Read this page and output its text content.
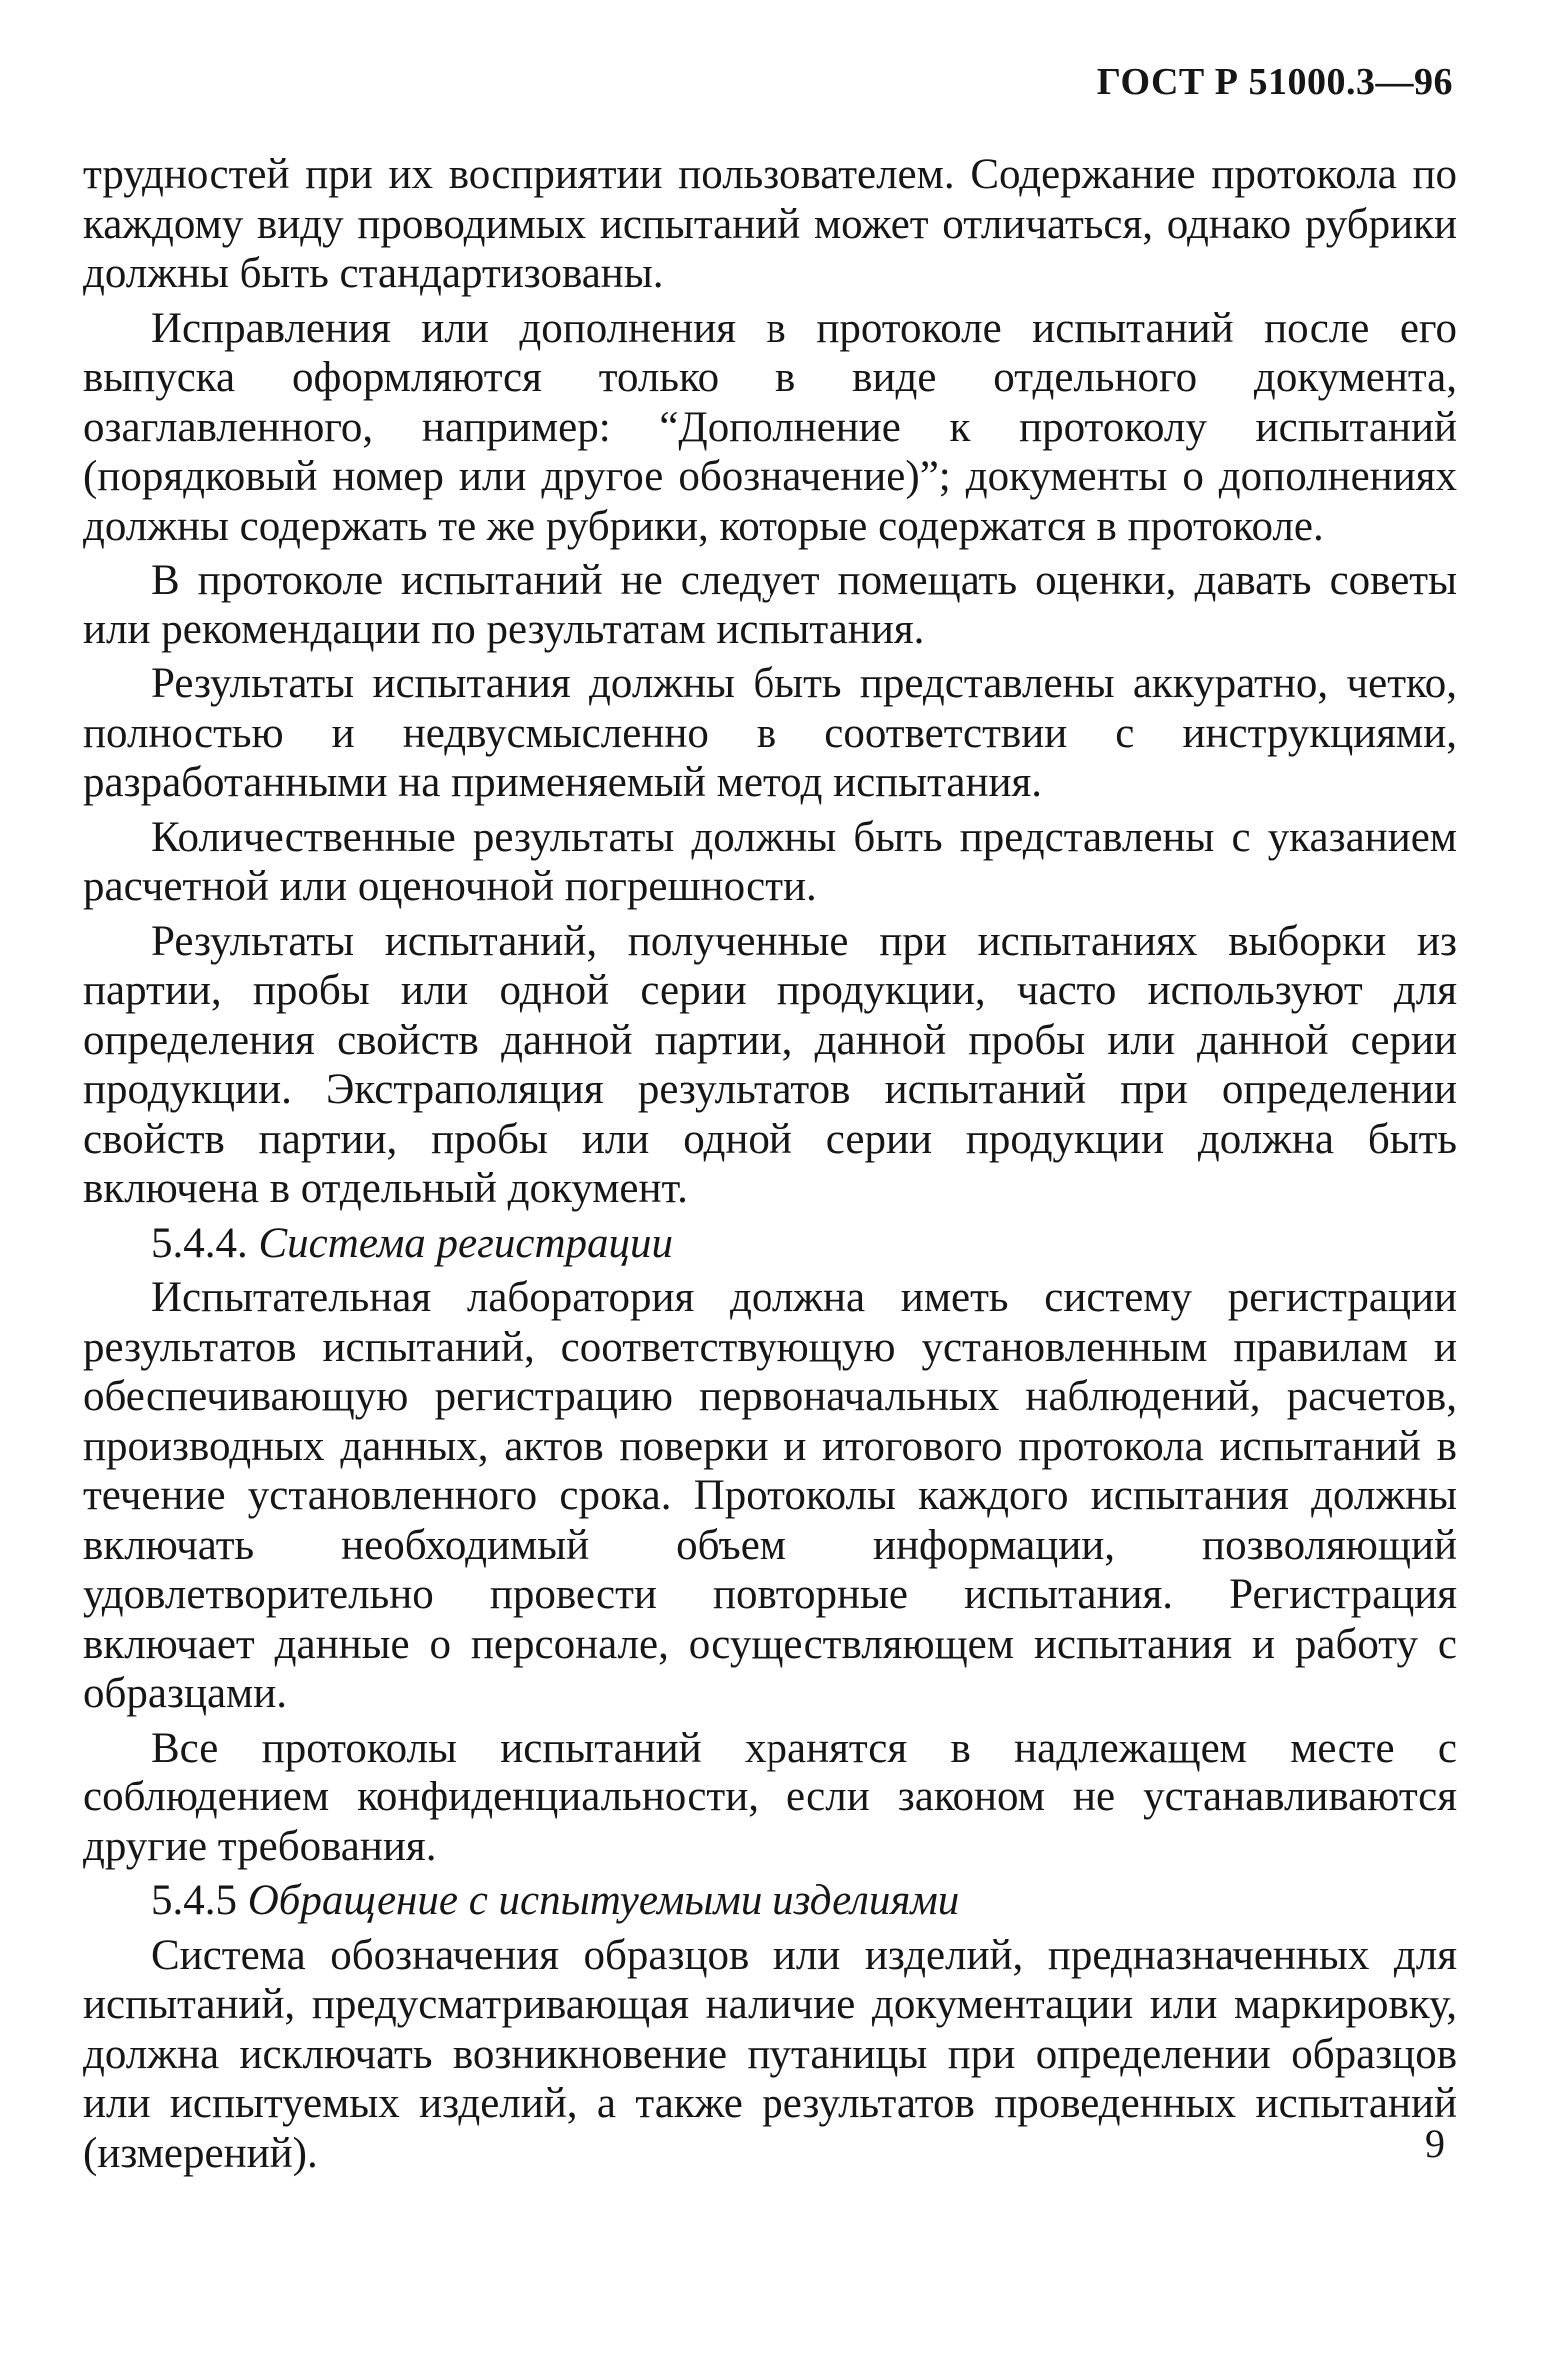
ГОСТ Р 51000.3—96

трудностей при их восприятии пользователем. Содержание протокола по каждому виду проводимых испытаний может отличаться, однако рубрики должны быть стандартизованы.

Исправления или дополнения в протоколе испытаний после его выпуска оформляются только в виде отдельного документа, озаглавленного, например: “Дополнение к протоколу испытаний (порядковый номер или другое обозначение)”; документы о дополнениях должны содержать те же рубрики, которые содержатся в протоколе.

В протоколе испытаний не следует помещать оценки, давать советы или рекомендации по результатам испытания.

Результаты испытания должны быть представлены аккуратно, четко, полностью и недвусмысленно в соответствии с инструкциями, разработанными на применяемый метод испытания.

Количественные результаты должны быть представлены с указанием расчетной или оценочной погрешности.

Результаты испытаний, полученные при испытаниях выборки из партии, пробы или одной серии продукции, часто используют для определения свойств данной партии, данной пробы или данной серии продукции. Экстраполяция результатов испытаний при определении свойств партии, пробы или одной серии продукции должна быть включена в отдельный документ.

5.4.4. Система регистрации

Испытательная лаборатория должна иметь систему регистрации результатов испытаний, соответствующую установленным правилам и обеспечивающую регистрацию первоначальных наблюдений, расчетов, производных данных, актов поверки и итогового протокола испытаний в течение установленного срока. Протоколы каждого испытания должны включать необходимый объем информации, позволяющий удовлетворительно провести повторные испытания. Регистрация включает данные о персонале, осуществляющем испытания и работу с образцами.

Все протоколы испытаний хранятся в надлежащем месте с соблюдением конфиденциальности, если законом не устанавливаются другие требования.

5.4.5 Обращение с испытуемыми изделиями

Система обозначения образцов или изделий, предназначенных для испытаний, предусматривающая наличие документации или маркировку, должна исключать возникновение путаницы при определении образцов или испытуемых изделий, а также результатов проведенных испытаний (измерений).	9
